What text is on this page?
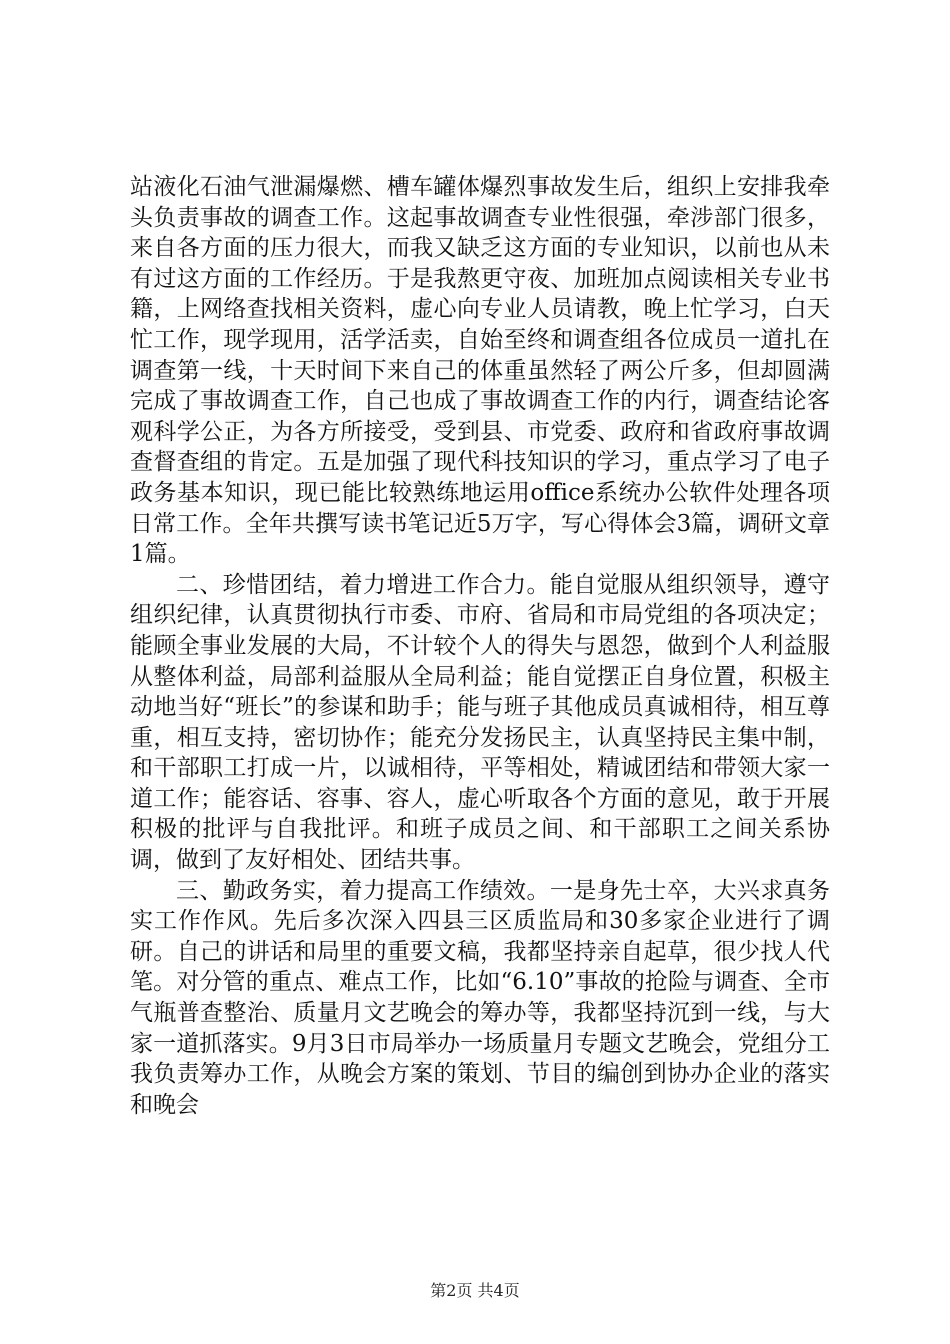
站液化石油气泄漏爆燃、槽车罐体爆烈事故发生后，组织上安排我牵头负责事故的调查工作。这起事故调查专业性很强，牵涉部门很多，来自各方面的压力很大，而我又缺乏这方面的专业知识，以前也从未有过这方面的工作经历。于是我熬更守夜、加班加点阅读相关专业书籍，上网络查找相关资料，虚心向专业人员请教，晚上忙学习，白天忙工作，现学现用，活学活卖，自始至终和调查组各位成员一道扎在调查第一线，十天时间下来自己的体重虽然轻了两公斤多，但却圆满完成了事故调查工作，自己也成了事故调查工作的内行，调查结论客观科学公正，为各方所接受，受到县、市党委、政府和省政府事故调查督查组的肯定。五是加强了现代科技知识的学习，重点学习了电子政务基本知识，现已能比较熟练地运用office系统办公软件处理各项日常工作。全年共撰写读书笔记近5万字，写心得体会3篇，调研文章1篇。

二、珍惜团结，着力增进工作合力。能自觉服从组织领导，遵守组织纪律，认真贯彻执行市委、市府、省局和市局党组的各项决定；能顾全事业发展的大局，不计较个人的得失与恩怨，做到个人利益服从整体利益，局部利益服从全局利益；能自觉摆正自身位置，积极主动地当好“班长”的参谋和助手；能与班子其他成员真诚相待，相互尊重，相互支持，密切协作；能充分发扬民主，认真坚持民主集中制，和干部职工打成一片，以诚相待，平等相处，精诚团结和带领大家一道工作；能容话、容事、容人，虚心听取各个方面的意见，敢于开展积极的批评与自我批评。和班子成员之间、和干部职工之间关系协调，做到了友好相处、团结共事。

三、勤政务实，着力提高工作绩效。一是身先士卒，大兴求真务实工作作风。先后多次深入四县三区质监局和30多家企业进行了调研。自己的讲话和局里的重要文稿，我都坚持亲自起草，很少找人代笔。对分管的重点、难点工作，比如“6.10”事故的抢险与调查、全市气瓶普查整治、质量月文艺晚会的筹办等，我都坚持沉到一线，与大家一道抓落实。9月3日市局举办一场质量月专题文艺晚会，党组分工我负责筹办工作，从晚会方案的策划、节目的编创到协办企业的落实和晚会

第2页 共4页
